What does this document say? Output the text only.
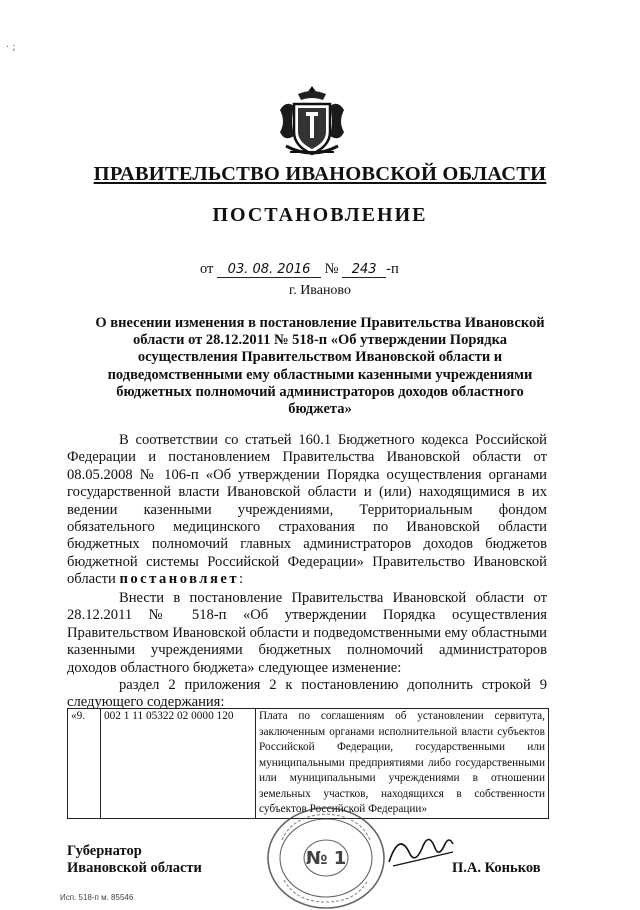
· ;
ПРАВИТЕЛЬСТВО ИВАНОВСКОЙ ОБЛАСТИ
ПОСТАНОВЛЕНИЕ
от 03. 08. 2016 № 243 -п
г. Иваново
О внесении изменения в постановление Правительства Ивановской области от 28.12.2011 № 518-п «Об утверждении Порядка осуществления Правительством Ивановской области и подведомственными ему областными казенными учреждениями бюджетных полномочий администраторов доходов областного бюджета»
В соответствии со статьей 160.1 Бюджетного кодекса Российской Федерации и постановлением Правительства Ивановской области от 08.05.2008 № 106-п «Об утверждении Порядка осуществления органами государственной власти Ивановской области и (или) находящимися в их ведении казенными учреждениями, Территориальным фондом обязательного медицинского страхования по Ивановской области бюджетных полномочий главных администраторов доходов бюджетов бюджетной системы Российской Федерации» Правительство Ивановской области постановляет:
Внести в постановление Правительства Ивановской области от 28.12.2011 № 518-п «Об утверждении Порядка осуществления Правительством Ивановской области и подведомственными ему областными казенными учреждениями бюджетных полномочий администраторов доходов областного бюджета» следующее изменение:
раздел 2 приложения 2 к постановлению дополнить строкой 9 следующего содержания:
«9.	002 1 11 05322 02 0000 120	Плата по соглашениям об установлении сервитута, заключенным органами исполнительной власти субъектов Российской Федерации, государственными или муниципальными предприятиями либо государственными или муниципальными учреждениями в отношении земельных участков, находящихся в собственности субъектов Российской Федерации»
Губернатор
Ивановской области	№ 1	П.А. Коньков
Исп. 518-п м. 85546
